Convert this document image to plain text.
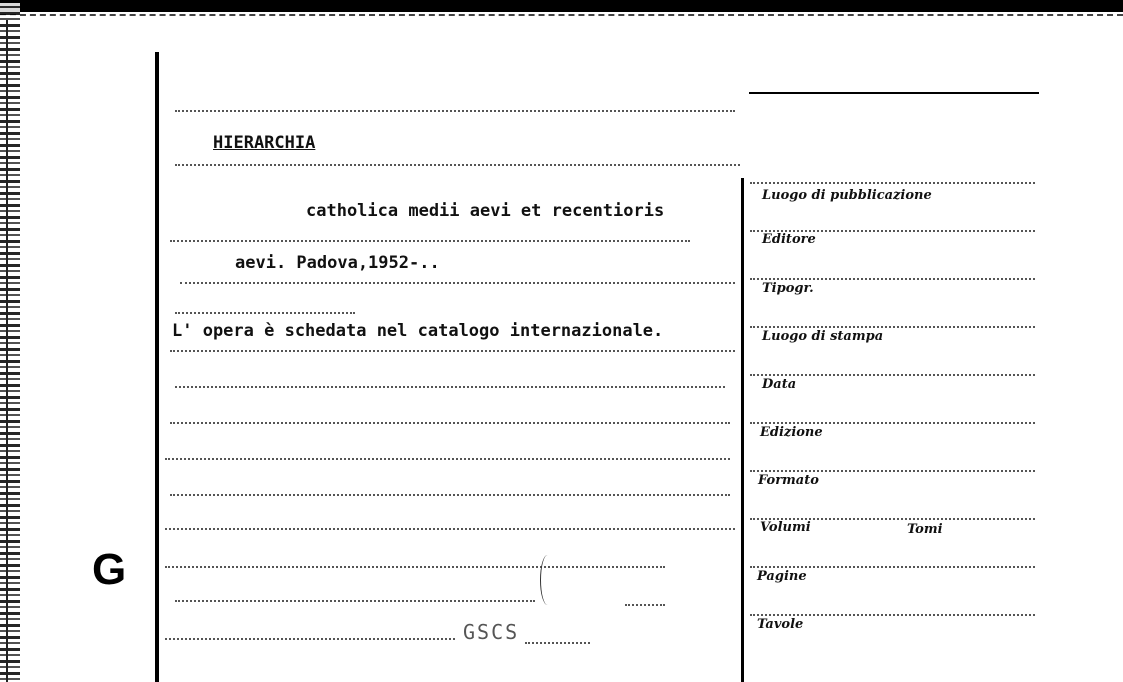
HIERARCHIA
catholica medii aevi et recentioris
aevi. Padova,1952-..
L' opera è schedata nel catalogo internazionale.
G
GSCS
Luogo di pubblicazione
Editore
Tipogr.
Luogo di stampa
Data
Edizione
Formato
Volumi	Tomi
Pagine
Tavole
